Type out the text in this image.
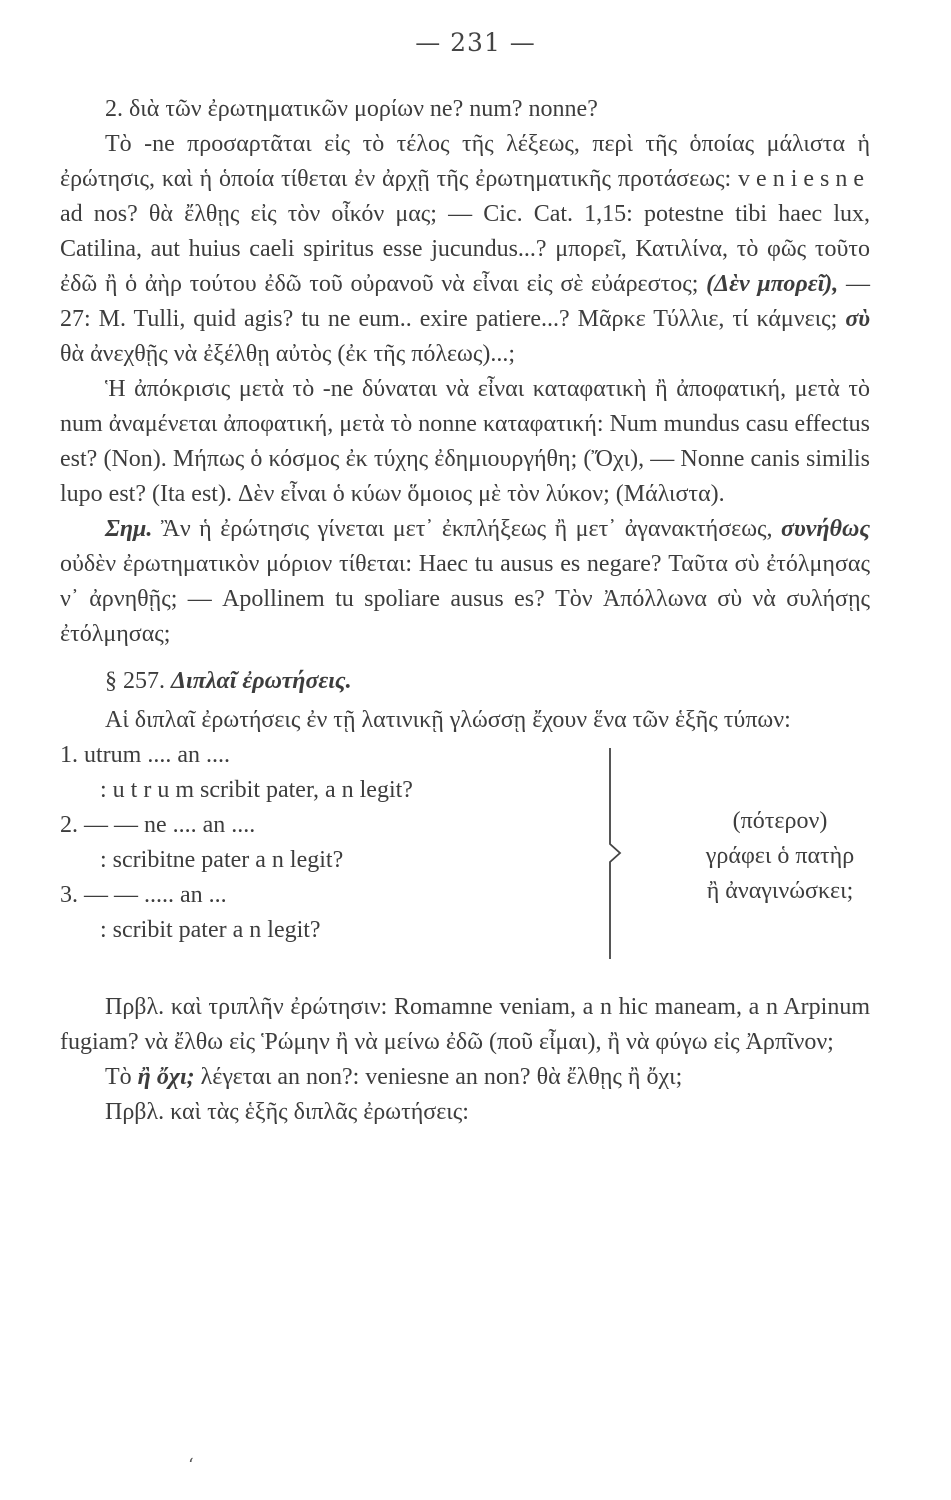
— 231 —

2. διὰ τῶν ἐρωτηματικῶν μορίων ne? num? nonne?

Τὸ -ne προσαρτᾶται εἰς τὸ τέλος τῆς λέξεως, περὶ τῆς ὁποίας μάλιστα ἡ ἐρώτησις, καὶ ἡ ὁποία τίθεται ἐν ἀρχῇ τῆς ἐρωτηματικῆς προτάσεως: veniesne ad nos? θὰ ἔλθῃς εἰς τὸν οἶκόν μας; — Cic. Cat. 1,15: potestne tibi haec lux, Catilina, aut huius caeli spiritus esse jucundus...? μπορεῖ, Κατιλίνα, τὸ φῶς τοῦτο ἐδῶ ἢ ὁ ἀὴρ τούτου ἐδῶ τοῦ οὐρανοῦ νὰ εἶναι εἰς σὲ εὐάρεστος; (Δὲν μπορεῖ), — 27: M. Tulli, quid agis? tu ne eum.. exire patiere...? Μᾶρκε Τύλλιε, τί κάμνεις; σὺ θὰ ἀνεχθῇς νὰ ἐξέλθῃ αὐτὸς (ἐκ τῆς πόλεως)...;

Ἡ ἀπόκρισις μετὰ τὸ -ne δύναται νὰ εἶναι καταφατικὴ ἢ ἀποφατική, μετὰ τὸ num ἀναμένεται ἀποφατική, μετὰ τὸ nonne καταφατική: Num mundus casu effectus est? (Non). Μήπως ὁ κόσμος ἐκ τύχης ἐδημιουργήθη; (Ὄχι), — Nonne canis similis lupo est? (Ita est). Δὲν εἶναι ὁ κύων ὅμοιος μὲ τὸν λύκον; (Μάλιστα).

Σημ. Ἂν ἡ ἐρώτησις γίνεται μετ᾽ ἐκπλήξεως ἢ μετ᾽ ἀγανακτήσεως, συνήθως οὐδὲν ἐρωτηματικὸν μόριον τίθεται: Haec tu ausus es negare? Ταῦτα σὺ ἐτόλμησας ν᾽ ἀρνηθῇς; — Apollinem tu spoliare ausus es? Τὸν Ἀπόλλωνα σὺ νὰ συλήσῃς ἐτόλμησας;

§ 257. Διπλαῖ ἐρωτήσεις.

Αἱ διπλαῖ ἐρωτήσεις ἐν τῇ λατινικῇ γλώσσῃ ἔχουν ἕνα τῶν ἑξῆς τύπων:

1. utrum .... an ....
: u t r u m scribit pater, a n legit?
2. — — ne .... an ....
: scribitne pater a n legit?
3. — — ..... an ...
: scribit pater a n legit?
(πότερον)
γράφει ὁ πατὴρ
ἢ ἀναγινώσκει;

Πρβλ. καὶ τριπλῆν ἐρώτησιν: Romamne veniam, a n hic maneam, a n Arpinum fugiam? νὰ ἔλθω εἰς Ῥώμην ἢ νὰ μείνω ἐδῶ (ποῦ εἶμαι), ἢ νὰ φύγω εἰς Ἀρπῖνον;

Τὸ ἢ ὄχι; λέγεται an non?: veniesne an non? θὰ ἔλθῃς ἢ ὄχι;

Πρβλ. καὶ τὰς ἑξῆς διπλᾶς ἐρωτήσεις:

ʻ
